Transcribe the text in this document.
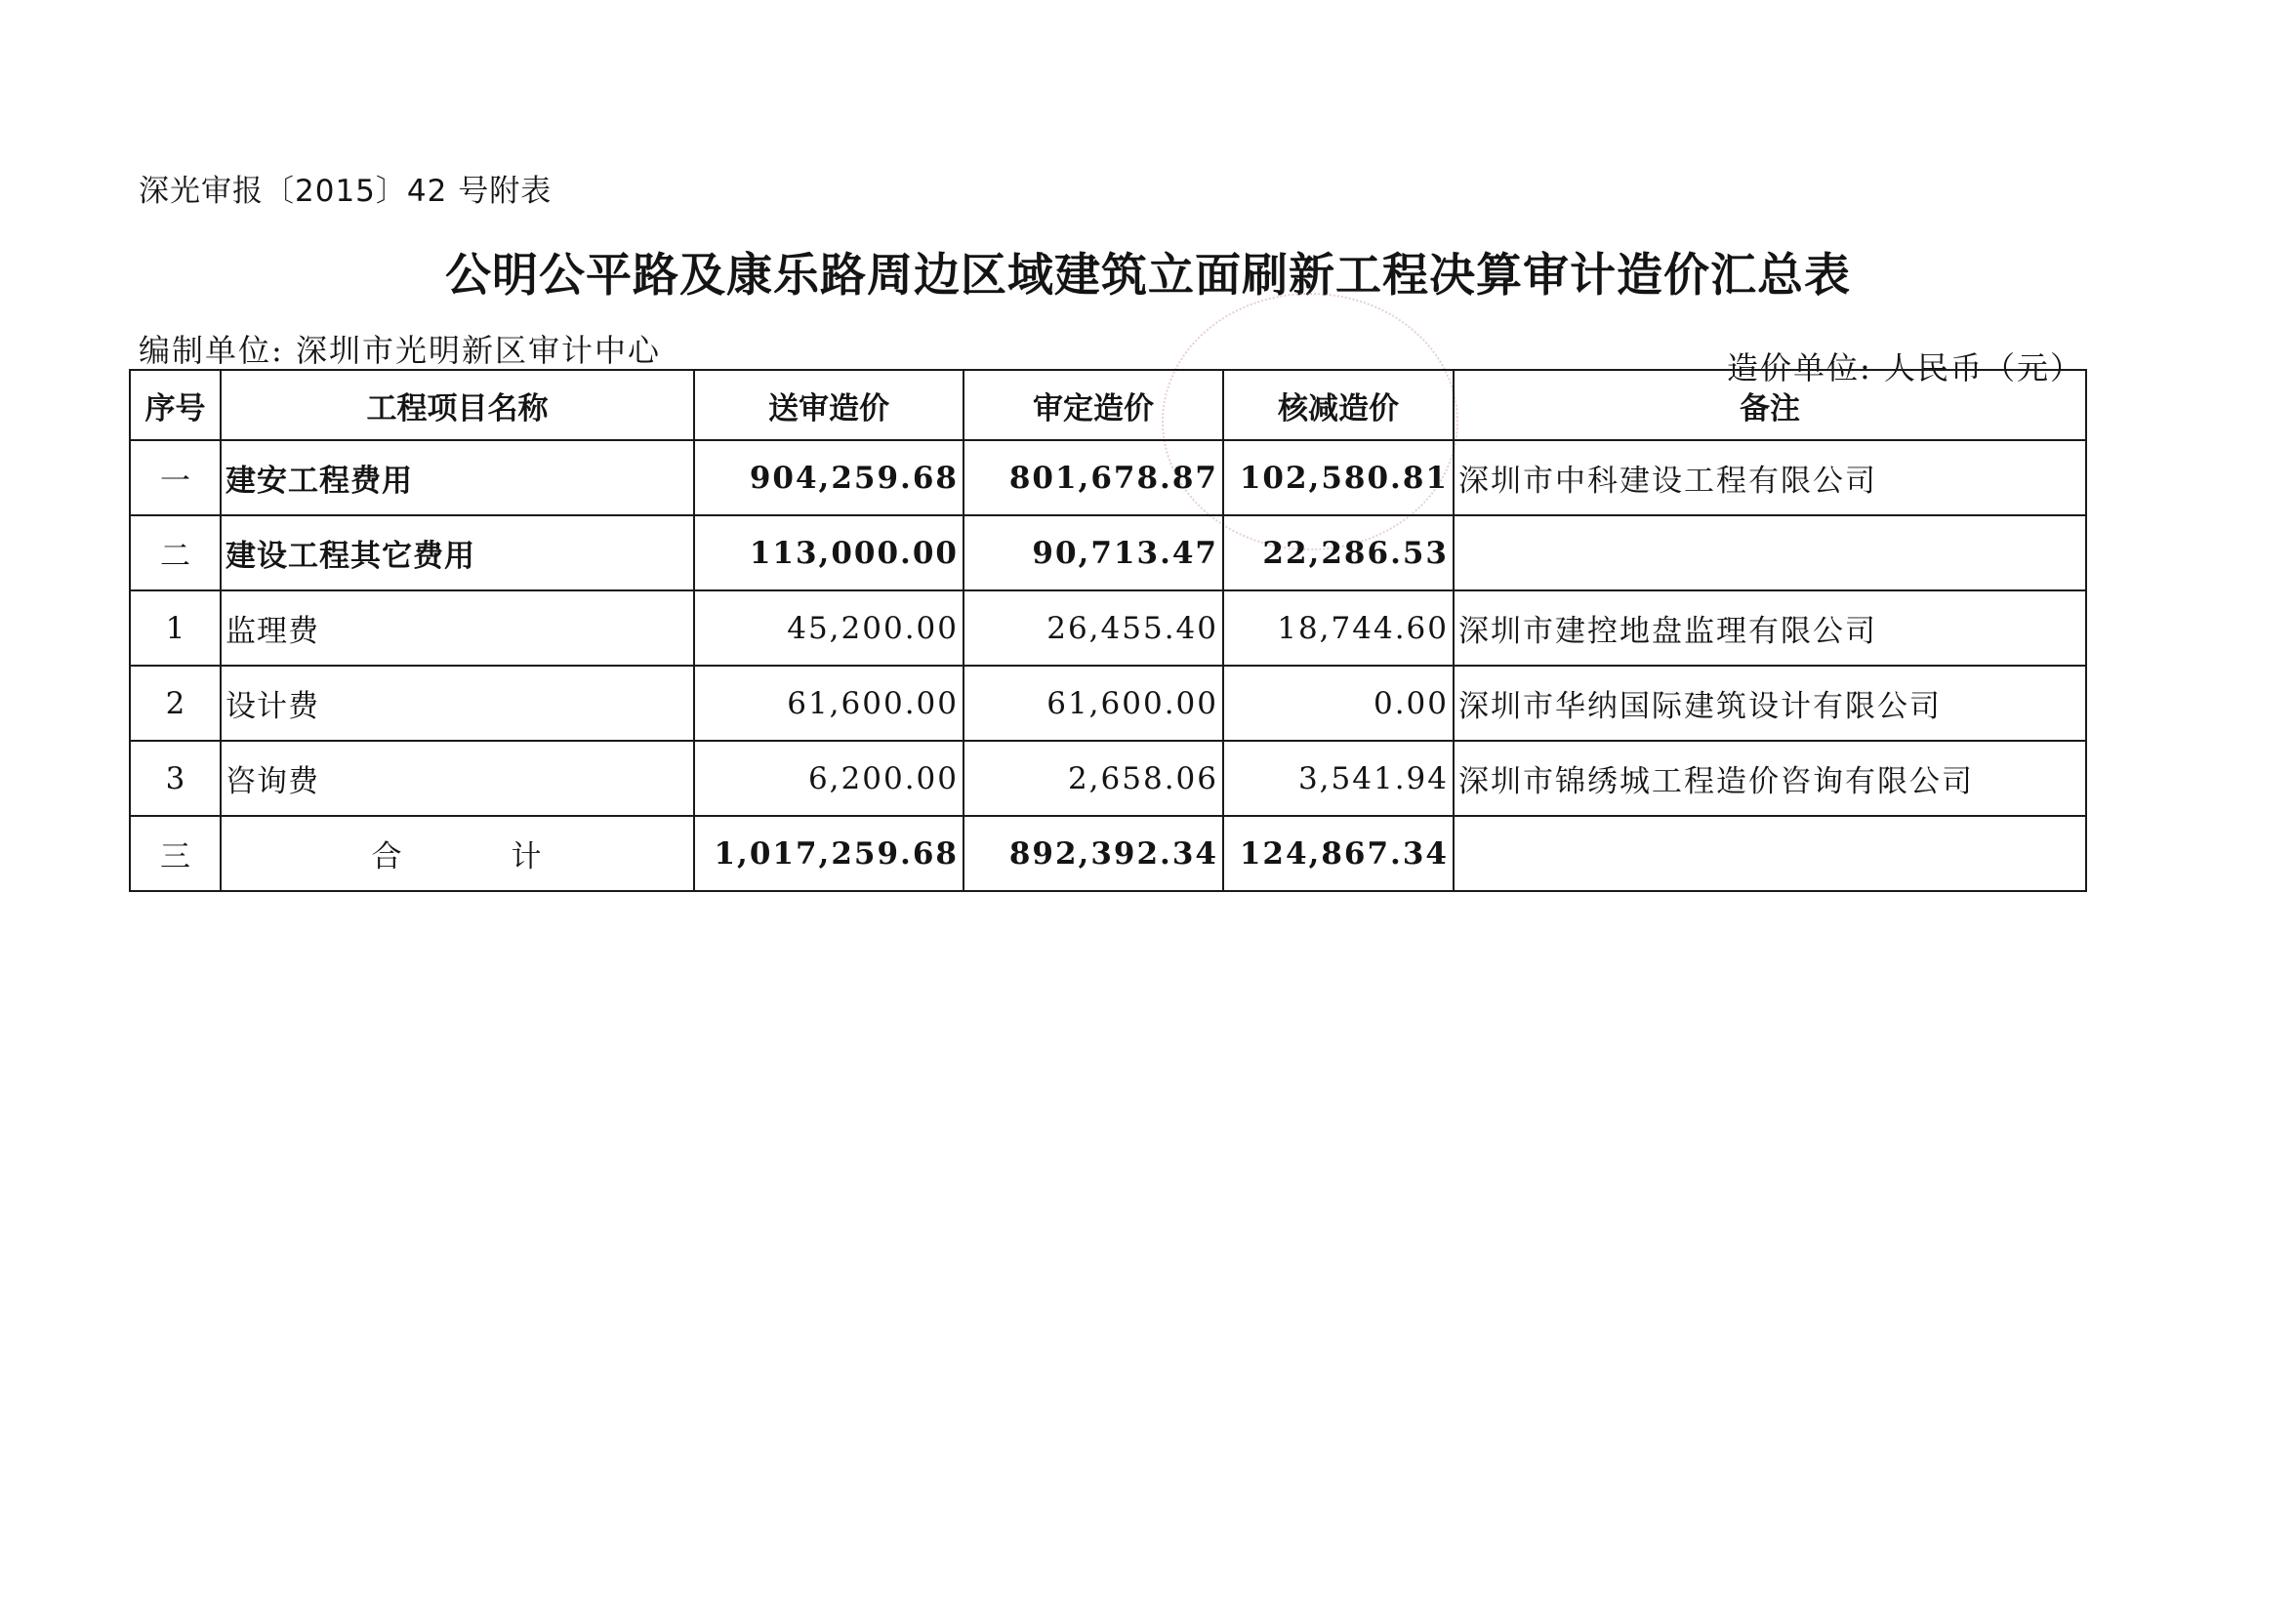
深光审报〔2015〕42 号附表
公明公平路及康乐路周边区域建筑立面刷新工程决算审计造价汇总表
编制单位: 深圳市光明新区审计中心	造价单位: 人民币（元）
序号	工程项目名称	送审造价	审定造价	核减造价	备注
一	建安工程费用	904,259.68	801,678.87	102,580.81	深圳市中科建设工程有限公司
二	建设工程其它费用	113,000.00	90,713.47	22,286.53	
1	监理费	45,200.00	26,455.40	18,744.60	深圳市建控地盘监理有限公司
2	设计费	61,600.00	61,600.00	0.00	深圳市华纳国际建筑设计有限公司
3	咨询费	6,200.00	2,658.06	3,541.94	深圳市锦绣城工程造价咨询有限公司
三	合 计	1,017,259.68	892,392.34	124,867.34	
